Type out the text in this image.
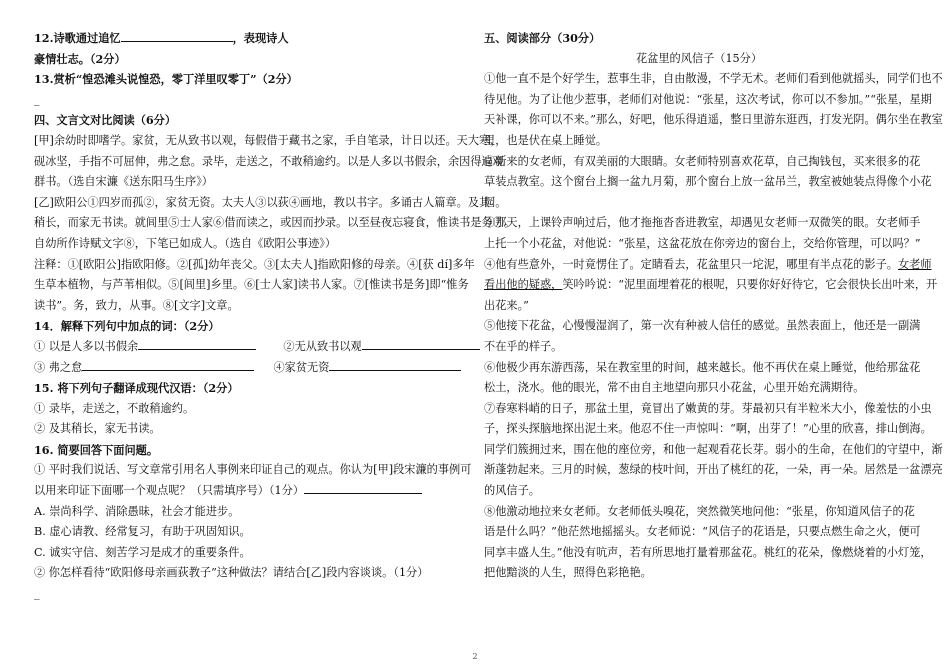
12.诗歌通过追忆	，表现诗人
豪情壮志。（2分）
13.赏析“惶恐滩头说惶恐，零丁洋里叹零丁”（2分）
_
四、文言文对比阅读（6分）
[甲]余幼时即嗜学。家贫，无从致书以观，每假借于藏书之家，手自笔录，计日以还。天大寒，
砚冰坚，手指不可屈伸，弗之怠。录毕，走送之，不敢稍逾约。以是人多以书假余，余因得遍观
群书。（选自宋濂《送东阳马生序》）
[乙]欧阳公①四岁而孤②，家贫无资。太夫人③以荻④画地，教以书字。多诵古人篇章。及其
稍长，而家无书读。就闾里⑤士人家⑥借而读之，或因而抄录。以至昼夜忘寝食，惟读书是务⑦。
自幼所作诗赋文字⑧，下笔已如成人。（选自《欧阳公事迹》）
注释：①[欧阳公]指欧阳修。②[孤]幼年丧父。③[太夫人]指欧阳修的母亲。④[获 dí]多年
生草本植物，与芦苇相似。⑤[闾里]乡里。⑥[士人家]读书人家。⑦[惟读书是务]即“惟务
读书”。务，致力，从事。⑧[文字]文章。
14．解释下列句中加点的词：（2分）
① 以是人多以书假余	②无从致书以观
③ 弗之怠	④家贫无资
15. 将下列句子翻译成现代汉语：（2分）
① 录毕，走送之，不敢稍逾约。
② 及其稍长，家无书读。
16. 简要回答下面问题。
① 平时我们说话、写文章常引用名人事例来印证自己的观点。你认为[甲]段宋濂的事例可
以用来印证下面哪一个观点呢？（只需填序号）（1分）
A. 崇尚科学、消除愚昧，社会才能进步。
B. 虚心请教、经常复习，有助于巩固知识。
C. 诚实守信、刻苦学习是成才的重要条件。
② 你怎样看待“欧阳修母亲画荻教子”这种做法？请结合[乙]段内容谈谈。（1分）
_
五、阅读部分（30分）
花盆里的风信子（15分）
①他一直不是个好学生，惹事生非，自由散漫，不学无术。老师们看到他就摇头，同学们也不
待见他。为了让他少惹事，老师们对他说：“张星，这次考试，你可以不参加。”“张星，星期
天补课，你可以不来。”那么，好吧，他乐得逍遥，整日里游东逛西，打发光阴。偶尔坐在教室
里，也是伏在桌上睡觉。
②新来的女老师，有双美丽的大眼睛。女老师特别喜欢花草，自己掏钱包，买来很多的花
草装点教室。这个窗台上搁一盆九月菊，那个窗台上放一盆吊兰，教室被她装点得像个小花
园。
③那天，上课铃声响过后，他才拖拖沓沓进教室，却遇见女老师一双微笑的眼。女老师手
上托一个小花盆，对他说：“张星，这盆花放在你旁边的窗台上，交给你管理，可以吗？”
④他有些意外，一时竟愣住了。定睛看去，花盆里只一坨泥，哪里有半点花的影子。女老师
看出他的疑惑，笑吟吟说：“泥里面埋着花的根呢，只要你好好待它，它会很快长出叶来，开
出花来。”
⑤他接下花盆，心慢慢湿润了，第一次有种被人信任的感觉。虽然表面上，他还是一副满
不在乎的样子。
⑥他极少再东游西荡，呆在教室里的时间，越来越长。他不再伏在桌上睡觉，他给那盆花
松土，浇水。他的眼光，常不由自主地望向那只小花盆，心里开始充满期待。
⑦春寒料峭的日子，那盆土里，竟冒出了嫩黄的芽。芽最初只有半粒米大小，像羞怯的小虫
子，探头探脑地探出泥土来。他忍不住一声惊叫：“啊，出芽了！”心里的欣喜，排山倒海。
同学们簇拥过来，围在他的座位旁，和他一起观看花长芽。弱小的生命，在他们的守望中，渐
渐蓬勃起来。三月的时候，葱绿的枝叶间，开出了桃红的花，一朵，再一朵。居然是一盆漂亮
的风信子。
⑧他激动地拉来女老师。女老师低头嗅花，突然微笑地问他：“张星，你知道风信子的花
语是什么吗？”他茫然地摇摇头。女老师说：“风信子的花语是，只要点燃生命之火，便可
同享丰盛人生。”他没有吭声，若有所思地打量着那盆花。桃红的花朵，像燃烧着的小灯笼，
把他黯淡的人生，照得色彩艳艳。
2
